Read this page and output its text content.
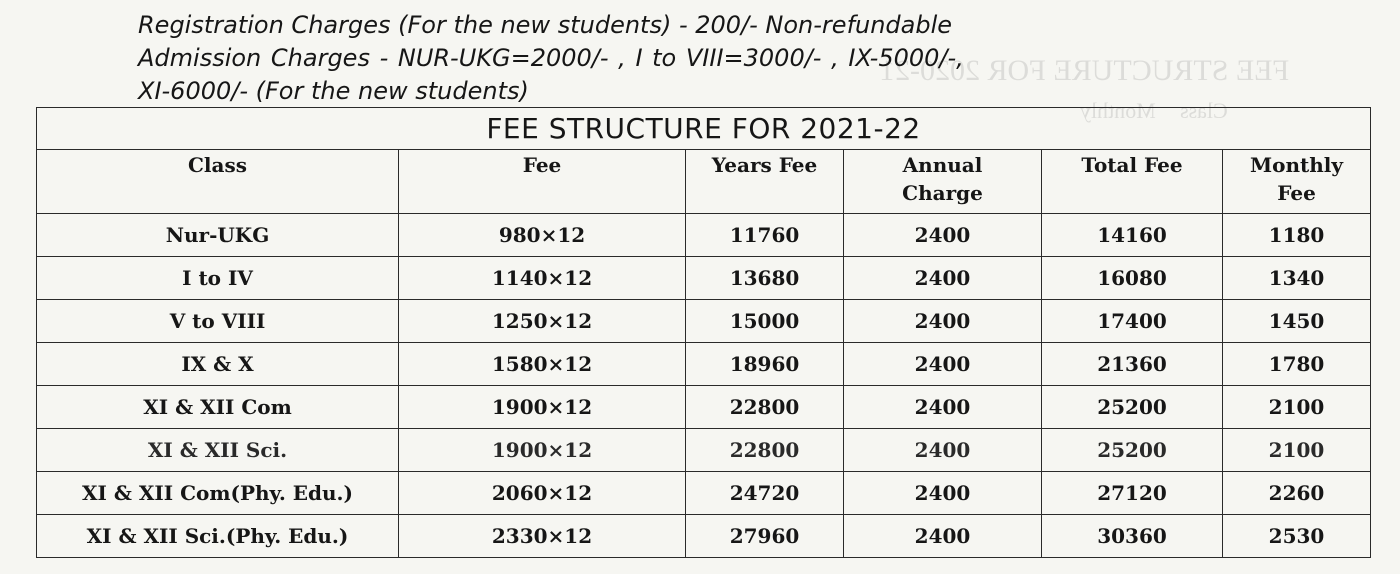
FEE STRUCTURE FOR 2020-21
Class
Monthly
Registration Charges (For the new students) - 200/- Non-refundable
Admission Charges - NUR-UKG=2000/- , I to VIII=3000/- , IX-5000/-,
XI-6000/- (For the new students)
FEE STRUCTURE FOR 2021-22					
Class	Fee	Years Fee	Annual Charge	Total Fee	Monthly Fee
Nur-UKG	980×12	11760	2400	14160	1180
I to IV	1140×12	13680	2400	16080	1340
V to VIII	1250×12	15000	2400	17400	1450
IX & X	1580×12	18960	2400	21360	1780
XI & XII Com	1900×12	22800	2400	25200	2100
XI & XII Sci.	1900×12	22800	2400	25200	2100
XI & XII Com(Phy. Edu.)	2060×12	24720	2400	27120	2260
XI & XII Sci.(Phy. Edu.)	2330×12	27960	2400	30360	2530
